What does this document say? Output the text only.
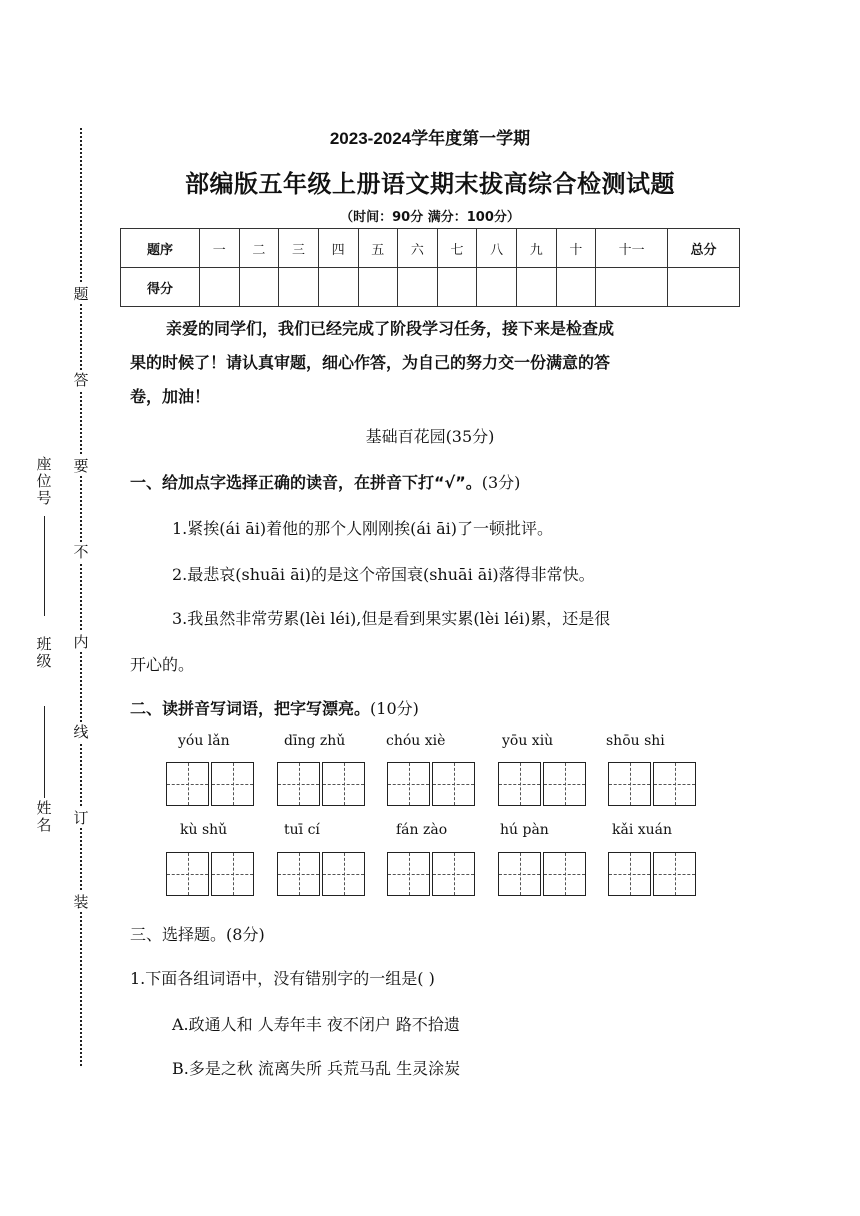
题
答
要
不
内
线
订
装
座位号
班级
姓名
2023-2024学年度第一学期
部编版五年级上册语文期末拔高综合检测试题
（时间：90分 满分：100分）
题序	一	二	三	四	五	六	七	八	九	十	十一	总分
得分												
亲爱的同学们，我们已经完成了阶段学习任务，接下来是检查成
果的时候了！请认真审题，细心作答，为自己的努力交一份满意的答
卷，加油！
基础百花园(35分)
一、给加点字选择正确的读音，在拼音下打“√”。(3分)
1.紧挨(ái āi)着他的那个人刚刚挨(ái āi)了一顿批评。
2.最悲哀(shuāi āi)的是这个帝国衰(shuāi āi)落得非常快。
3.我虽然非常劳累(lèi léi),但是看到果实累(lèi léi)累，还是很
开心的。
二、读拼音写词语，把字写漂亮。(10分)
yóu lǎn	dīng zhǔ	chóu xiè	yōu xiù	shōu shi
kù shǔ	tuī cí	fán zào	hú pàn	kǎi xuán
三、选择题。(8分)
1.下面各组词语中，没有错别字的一组是( )
A.政通人和 人寿年丰 夜不闭户 路不拾遗
B.多是之秋 流离失所 兵荒马乱 生灵涂炭
